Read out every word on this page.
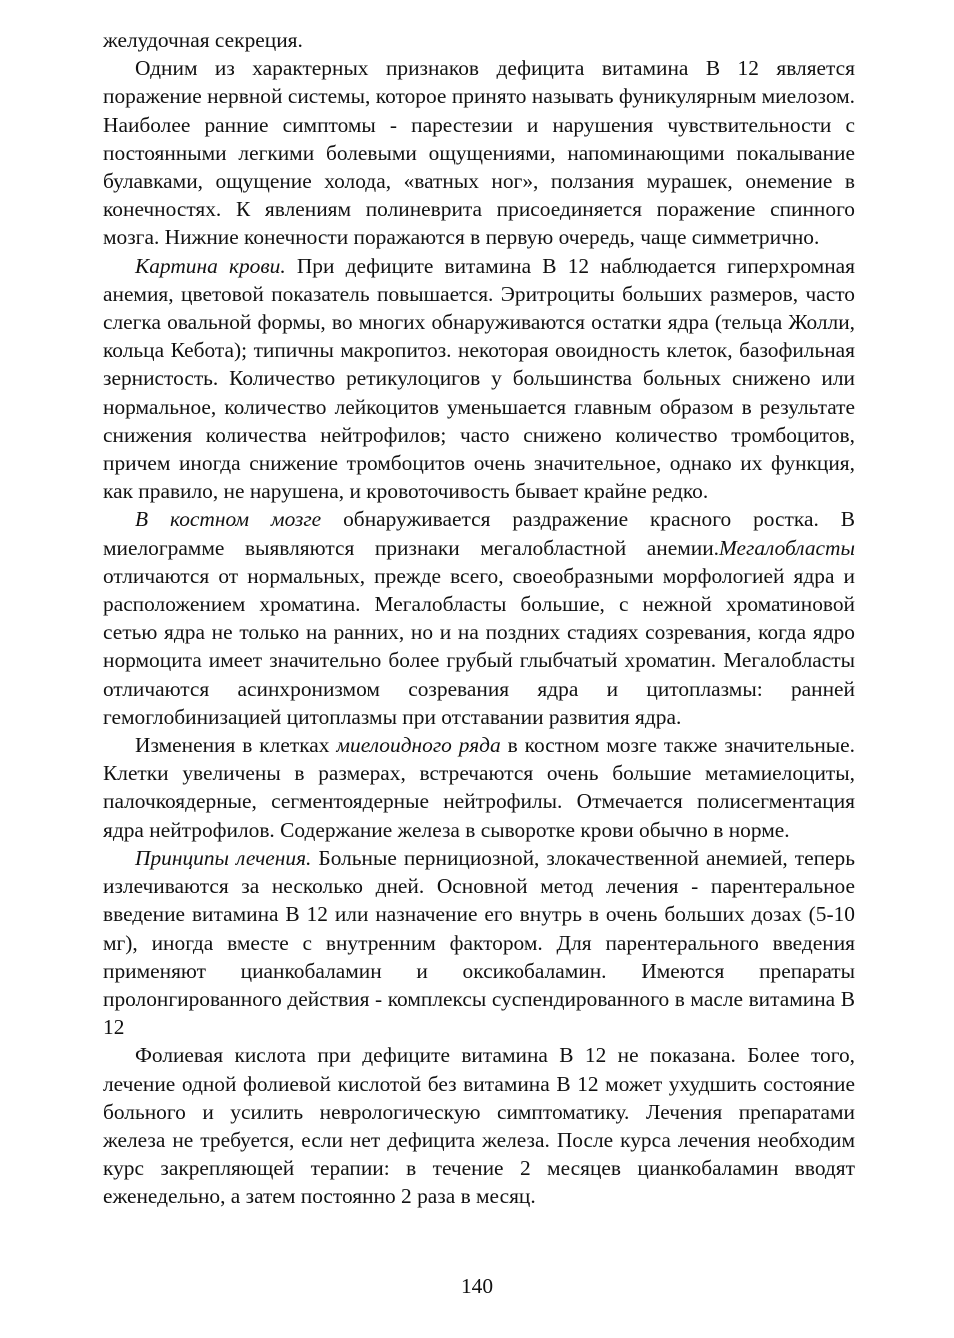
желудочная секреция.

Одним из характерных признаков дефицита витамина В 12 является поражение нервной системы, которое принято называть фуникулярным миелозом. Наиболее ранние симптомы - парестезии и нарушения чувствительности с постоянными легкими болевыми ощущениями, напоминающими покалывание булавками, ощущение холода, «ватных ног», ползания мурашек, онемение в конечностях. К явлениям полиневрита присоединяется поражение спинного мозга. Нижние конечности поражаются в первую очередь, чаще симметрично.

Картина крови. При дефиците витамина В 12 наблюдается гиперхромная анемия, цветовой показатель повышается. Эритроциты больших размеров, часто слегка овальной формы, во многих обнаруживаются остатки ядра (тельца Жолли, кольца Кебота); типичны макропитоз. некоторая овоидность клеток, базофильная зернистость. Количество ретикулоцигов у большинства больных снижено или нормальное, количество лейкоцитов уменьшается главным образом в результате снижения количества нейтрофилов; часто снижено количество тромбоцитов, причем иногда снижение тромбоцитов очень значительное, однако их функция, как правило, не нарушена, и кровоточивость бывает крайне редко.

В костном мозге обнаруживается раздражение красного ростка. В миелограмме выявляются признаки мегалобластной анемии.Мегалобласты отличаются от нормальных, прежде всего, своеобразными морфологией ядра и расположением хроматина. Мегалобласты большие, с нежной хроматиновой сетью ядра не только на ранних, но и на поздних стадиях созревания, когда ядро нормоцита имеет значительно более грубый глыбчатый хроматин. Мегалобласты отличаются асинхронизмом созревания ядра и цитоплазмы: ранней гемоглобинизацией цитоплазмы при отставании развития ядра.

Изменения в клетках миелоидного ряда в костном мозге также значительные. Клетки увеличены в размерах, встречаются очень большие метамиелоциты, палочкоядерные, сегментоядерные нейтрофилы. Отмечается полисегментация ядра нейтрофилов. Содержание железа в сыворотке крови обычно в норме.

Принципы лечения. Больные пернициозной, злокачественной анемией, теперь излечиваются за несколько дней. Основной метод лечения - парентеральное введение витамина В 12 или назначение его внутрь в очень больших дозах (5-10 мг), иногда вместе с внутренним фактором. Для парентерального введения применяют цианкобаламин и оксикобаламин. Имеются препараты пролонгированного действия - комплексы суспендированного в масле витамина В 12

Фолиевая кислота при дефиците витамина В 12 не показана. Более того, лечение одной фолиевой кислотой без витамина В 12 может ухудшить состояние больного и усилить неврологическую симптоматику. Лечения препаратами железа не требуется, если нет дефицита железа. После курса лечения необходим курс закрепляющей терапии: в течение 2 месяцев цианкобаламин вводят еженедельно, а затем постоянно 2 раза в месяц.

140
